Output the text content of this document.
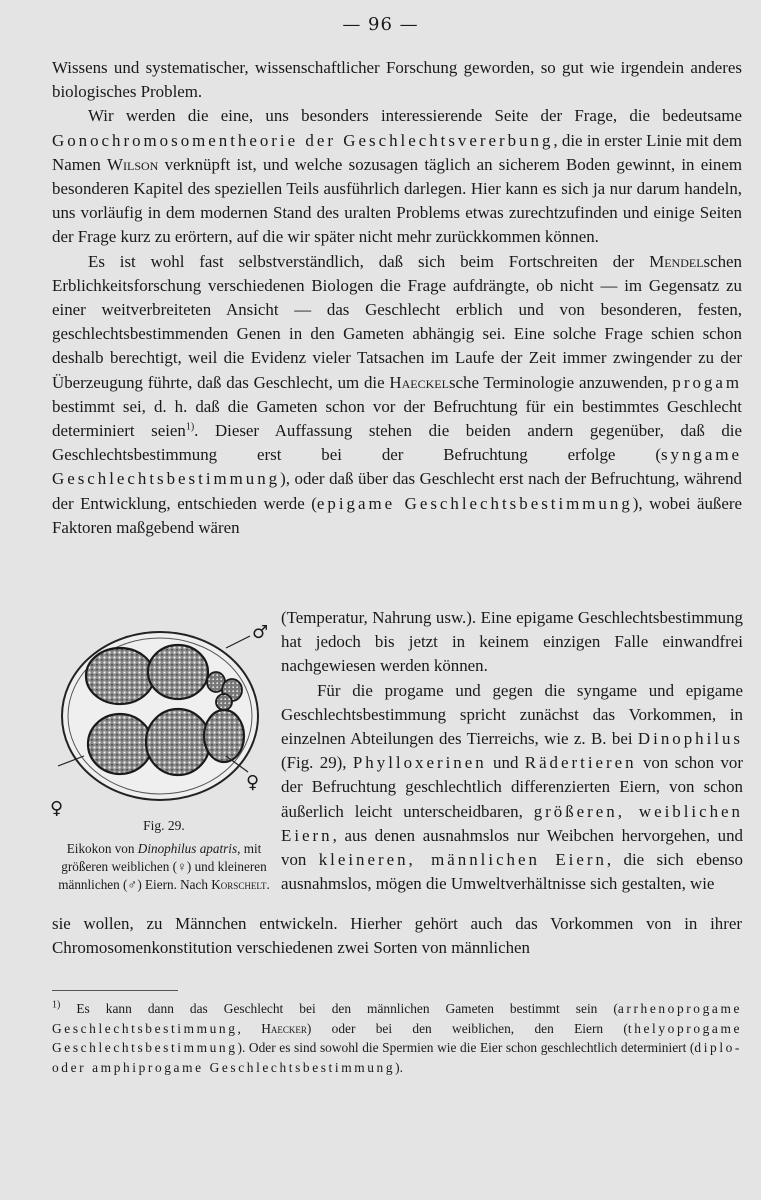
— 96 —

Wissens und systematischer, wissenschaftlicher Forschung geworden, so gut wie irgendein anderes biologisches Problem.

Wir werden die eine, uns besonders interessierende Seite der Frage, die bedeutsame Gonochromosomentheorie der Geschlechtsvererbung, die in erster Linie mit dem Namen Wilson verknüpft ist, und welche sozusagen täglich an sicherem Boden gewinnt, in einem besonderen Kapitel des speziellen Teils ausführlich darlegen. Hier kann es sich ja nur darum handeln, uns vorläufig in dem modernen Stand des uralten Problems etwas zurechtzufinden und einige Seiten der Frage kurz zu erörtern, auf die wir später nicht mehr zurückkommen können.

Es ist wohl fast selbstverständlich, daß sich beim Fortschreiten der Mendelschen Erblichkeitsforschung verschiedenen Biologen die Frage aufdrängte, ob nicht — im Gegensatz zu einer weitverbreiteten Ansicht — das Geschlecht erblich und von besonderen, festen, geschlechtsbestimmenden Genen in den Gameten abhängig sei. Eine solche Frage schien schon deshalb berechtigt, weil die Evidenz vieler Tatsachen im Laufe der Zeit immer zwingender zu der Überzeugung führte, daß das Geschlecht, um die Haeckelsche Terminologie anzuwenden, progam bestimmt sei, d. h. daß die Gameten schon vor der Befruchtung für ein bestimmtes Geschlecht determiniert seien$^{1)}$. Dieser Auffassung stehen die beiden andern gegenüber, daß die Geschlechtsbestimmung erst bei der Befruchtung erfolge (syngame Geschlechtsbestimmung), oder daß über das Geschlecht erst nach der Befruchtung, während der Entwicklung, entschieden werde (epigame Geschlechtsbestimmung), wobei äußere Faktoren maßgebend wären

♂
♀
♀
Fig. 29.
Eikokon von Dinophilus apatris, mit größeren weiblichen (♀) und kleineren männlichen (♂) Eiern. Nach Korschelt.

(Temperatur, Nahrung usw.). Eine epigame Geschlechtsbestimmung hat jedoch bis jetzt in keinem einzigen Falle einwandfrei nachgewiesen werden können.

Für die progame und gegen die syngame und epigame Geschlechtsbestimmung spricht zunächst das Vorkommen, in einzelnen Abteilungen des Tierreichs, wie z. B. bei Dinophilus (Fig. 29), Phylloxerinen und Rädertieren von schon vor der Befruchtung geschlechtlich differenzierten Eiern, von schon äußerlich leicht unterscheidbaren, größeren, weiblichen Eiern, aus denen ausnahmslos nur Weibchen hervorgehen, und von kleineren, männlichen Eiern, die sich ebenso ausnahmslos, mögen die Umweltverhältnisse sich gestalten, wie

sie wollen, zu Männchen entwickeln. Hierher gehört auch das Vorkommen von in ihrer Chromosomenkonstitution verschiedenen zwei Sorten von männlichen

$^{1)}$ Es kann dann das Geschlecht bei den männlichen Gameten bestimmt sein (arrhenoprogame Geschlechtsbestimmung, Haecker) oder bei den weiblichen, den Eiern (thelyoprogame Geschlechtsbestimmung). Oder es sind sowohl die Spermien wie die Eier schon geschlechtlich determiniert (diplo- oder amphiprogame Geschlechtsbestimmung).
